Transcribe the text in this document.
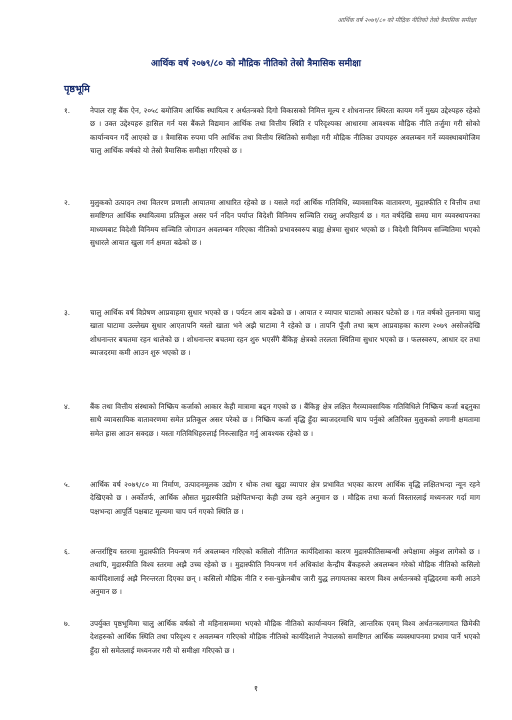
आर्थिक वर्ष २०७९/८० को मौद्रिक नीतिको तेस्रो त्रैमासिक समीक्षा
आर्थिक वर्ष २०७९/८० को मौद्रिक नीतिको तेस्रो त्रैमासिक समीक्षा
पृष्ठभूमि
१.	नेपाल राष्ट्र बैंक ऐन, २०५८ बमोजिम आर्थिक स्थायित्व र अर्थतन्त्रको दिगो विकासको निमित्त मूल्य र शोधनान्तर स्थिरता कायम गर्ने मुख्य उद्देश्यहरु रहेको छ । उक्त उद्देश्यहरु हासिल गर्न यस बैंकले विद्यमान आर्थिक तथा वित्तीय स्थिति र परिदृश्यका आधारमा आवश्यक मौद्रिक नीति तर्जुमा गरी सोको कार्यान्वयन गर्दै आएको छ । त्रैमासिक रुपमा पनि आर्थिक तथा वित्तीय स्थितिको समीक्षा गरी मौद्रिक नीतिका उपायहरु अवलम्बन गर्ने व्यवस्थाबमोजिम चालु आर्थिक वर्षको यो तेस्रो त्रैमासिक समीक्षा गरिएको छ ।
२.	मुलुकको उत्पादन तथा वितरण प्रणाली आयातमा आधारित रहेको छ । यसले गर्दा आर्थिक गतिविधि, व्यावसायिक वातावरण, मुद्रास्फीति र वित्तीय तथा समष्टिगत आर्थिक स्थायित्वमा प्रतिकूल असर पर्न नदिन पर्याप्त विदेशी विनिमय सञ्चिति राख्नु अपरिहार्य छ । गत वर्षदेखि समग्र माग व्यवस्थापनका माध्यमबाट विदेशी विनिमय सञ्चिति जोगाउन अवलम्बन गरिएका नीतिको प्रभावस्वरुप बाह्य क्षेत्रमा सुधार भएको छ । विदेशी विनिमय सञ्चितिमा भएको सुधारले आयात खुला गर्न क्षमता बढेको छ ।
३.	चालु आर्थिक वर्ष विप्रेषण आप्रवाहमा सुधार भएको छ । पर्यटन आय बढेको छ । आयात र व्यापार घाटाको आकार घटेको छ । गत वर्षको तुलनामा चालु खाता घाटामा उल्लेख्य सुधार आएतापनि यस्तो खाता भने अझै घाटामा नै रहेको छ । तापनि पूँजी तथा ऋण आप्रवाहका कारण २०७९ असोजदेखि शोधनान्तर बचतमा रहन थालेको छ । शोधनान्तर बचतमा रहन शुरु भएसँगै बैंकिङ्ग क्षेत्रको तरलता स्थितिमा सुधार भएको छ । फलस्वरुप, आधार दर तथा ब्याजदरमा कमी आउन शुरु भएको छ ।
४.	बैंक तथा वित्तीय संस्थाको निष्क्रिय कर्जाको आकार केही मात्रामा बढ्न गएको छ । बैंकिङ्ग क्षेत्र लक्षित गैरव्यावसायिक गतिविधिले निष्क्रिय कर्जा बढ्नुका साथै व्यावसायिक वातावरणमा समेत प्रतिकूल असर परेको छ । निष्क्रिय कर्जा वृद्धि हुँदा ब्याजदरमाथि चाप पर्नुको अतिरिक्त मुलुकको लगानी क्षमतामा समेत ह्रास आउन सक्दछ । यस्ता गतिविधिहरुलाई निरुत्साहित गर्नु आवश्यक रहेको छ ।
५.	आर्थिक वर्ष २०७९/८० मा निर्माण, उत्पादनमूलक उद्योग र थोक तथा खुद्रा व्यापार क्षेत्र प्रभावित भएका कारण आर्थिक वृद्धि लक्षितभन्दा न्यून रहने देखिएको छ । अर्कोतर्फ, आर्थिक औसत मुद्रास्फीति प्रक्षेपितभन्दा केही उच्च रहने अनुमान छ । मौद्रिक तथा कर्जा विस्तारलाई मध्यनजर गर्दा माग पक्षभन्दा आपूर्ति पक्षबाट मूल्यमा चाप पर्न गएको स्थिति छ ।
६.	अन्तर्राष्ट्रिय स्तरमा मुद्रास्फीति नियन्त्रण गर्न अवलम्बन गरिएको कसिलो नीतिगत कार्यदिशाका कारण मुद्रास्फीतिसम्बन्धी अपेक्षामा अंकुश लागेको छ । तथापि, मुद्रास्फीति विश्व स्तरमा अझै उच्च रहेको छ । मुद्रास्फीति नियन्त्रण गर्न अधिकांश केन्द्रीय बैंकहरुले अवलम्बन गरेको मौद्रिक नीतिको कसिलो कार्यदिशालाई अझै निरन्तरता दिएका छन् । कसिलो मौद्रिक नीति र रुस-युक्रेनबीच जारी युद्ध लगायतका कारण विश्व अर्थतन्त्रको वृद्धिदरमा कमी आउने अनुमान छ ।
७.	उपर्युक्त पृष्ठभूमिमा चालु आर्थिक वर्षको नौ महिनासम्ममा भएको मौद्रिक नीतिको कार्यान्वयन स्थिति, आन्तरिक एवम् विश्व अर्थतन्त्रलगायत छिमेकी देशहरुको आर्थिक स्थिति तथा परिदृश्य र अवलम्बन गरिएको मौद्रिक नीतिको कार्यदिशाले नेपालको समष्टिगत आर्थिक व्यवस्थापनमा प्रभाव पार्ने भएको हुँदा सो समेतलाई मध्यनजर गरी यो समीक्षा गरिएको छ ।
१
